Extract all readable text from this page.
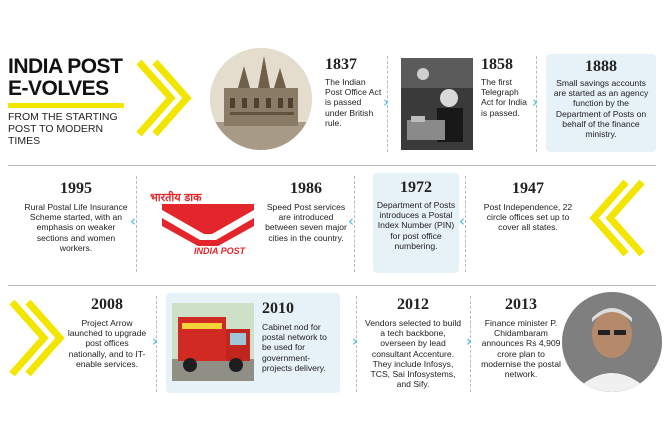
INDIA POST
E-VOLVES
FROM THE STARTING POST TO MODERN TIMES
1837
The Indian Post Office Act is passed under British rule.
›
1858
The first Telegraph Act for India is passed.
›
1888
Small savings accounts are started as an agency function by the Department of Posts on behalf of the finance ministry.
1947
Post Independence, 22 circle offices set up to cover all states.
‹
1972
Department of Posts introduces a Postal Index Number (PIN) for post office numbering.
‹
1986
Speed Post services are introduced between seven major cities in the country.
भारतीय डाक
INDIA POST
‹
1995
Rural Postal Life Insurance Scheme started, with an emphasis on weaker sections and women workers.
2008
Project Arrow launched to upgrade post offices nationally, and to IT-enable services.
›
2010
Cabinet nod for postal network to be used for government-projects delivery.
›
2012
Vendors selected to build a tech backbone, overseen by lead consultant Accenture. They include Infosys, TCS, Sai Infosystems, and Sify.
›
2013
Finance minister P. Chidambaram announces Rs 4,909 crore plan to modernise the postal network.
